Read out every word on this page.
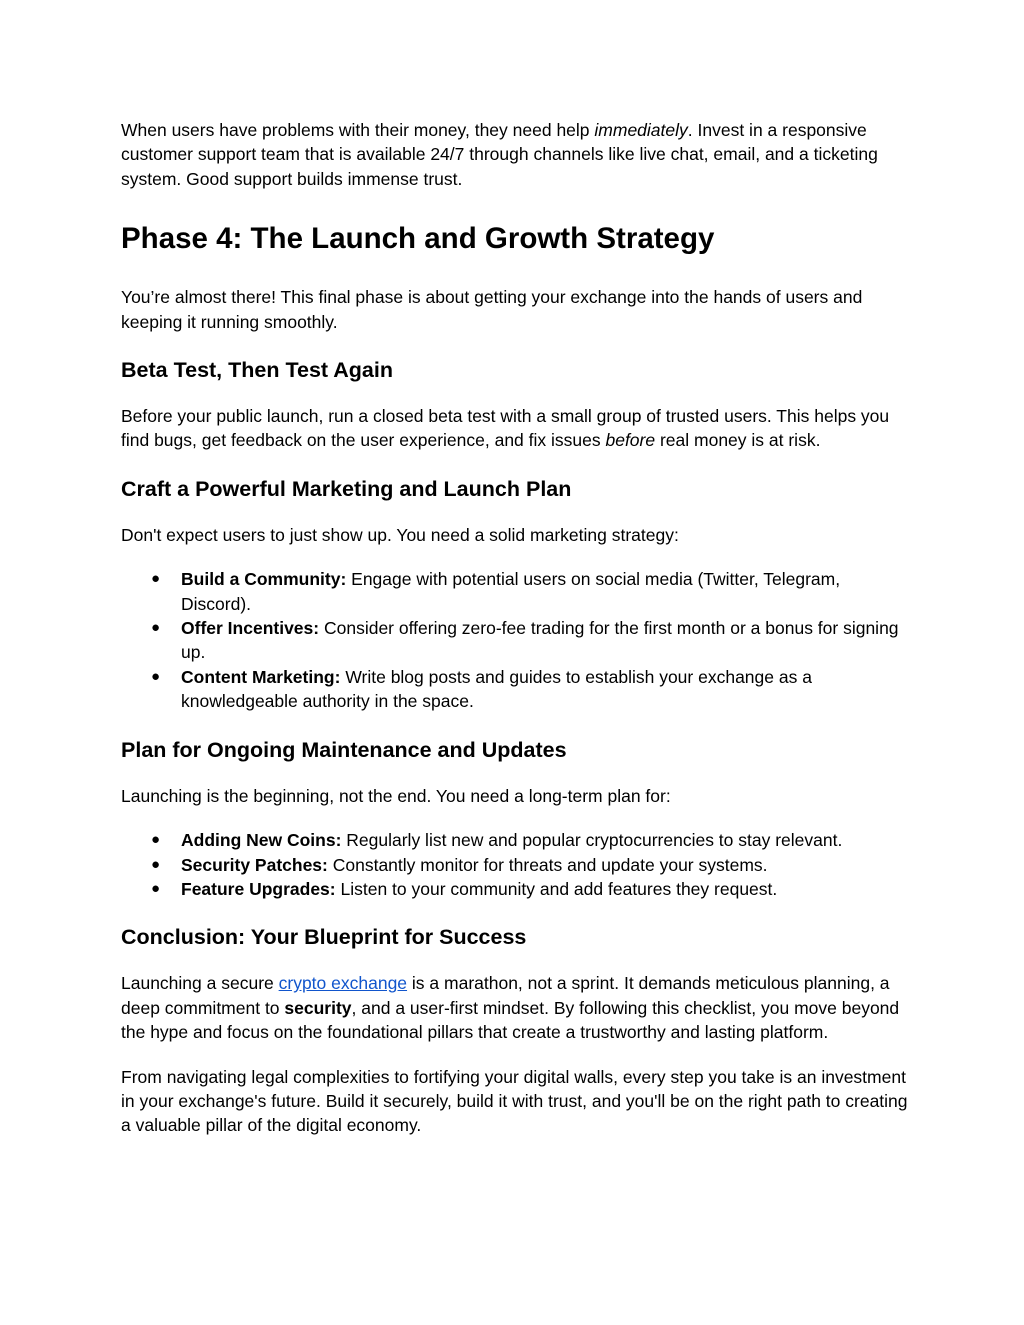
When users have problems with their money, they need help immediately. Invest in a responsive customer support team that is available 24/7 through channels like live chat, email, and a ticketing system. Good support builds immense trust.

Phase 4: The Launch and Growth Strategy

You’re almost there! This final phase is about getting your exchange into the hands of users and keeping it running smoothly.

Beta Test, Then Test Again

Before your public launch, run a closed beta test with a small group of trusted users. This helps you find bugs, get feedback on the user experience, and fix issues before real money is at risk.

Craft a Powerful Marketing and Launch Plan

Don't expect users to just show up. You need a solid marketing strategy:

● Build a Community: Engage with potential users on social media (Twitter, Telegram, Discord).
● Offer Incentives: Consider offering zero-fee trading for the first month or a bonus for signing up.
● Content Marketing: Write blog posts and guides to establish your exchange as a knowledgeable authority in the space.
Plan for Ongoing Maintenance and Updates

Launching is the beginning, not the end. You need a long-term plan for:

● Adding New Coins: Regularly list new and popular cryptocurrencies to stay relevant.
● Security Patches: Constantly monitor for threats and update your systems.
● Feature Upgrades: Listen to your community and add features they request.
Conclusion: Your Blueprint for Success

Launching a secure crypto exchange is a marathon, not a sprint. It demands meticulous planning, a deep commitment to security, and a user-first mindset. By following this checklist, you move beyond the hype and focus on the foundational pillars that create a trustworthy and lasting platform.

From navigating legal complexities to fortifying your digital walls, every step you take is an investment in your exchange's future. Build it securely, build it with trust, and you'll be on the right path to creating a valuable pillar of the digital economy.
